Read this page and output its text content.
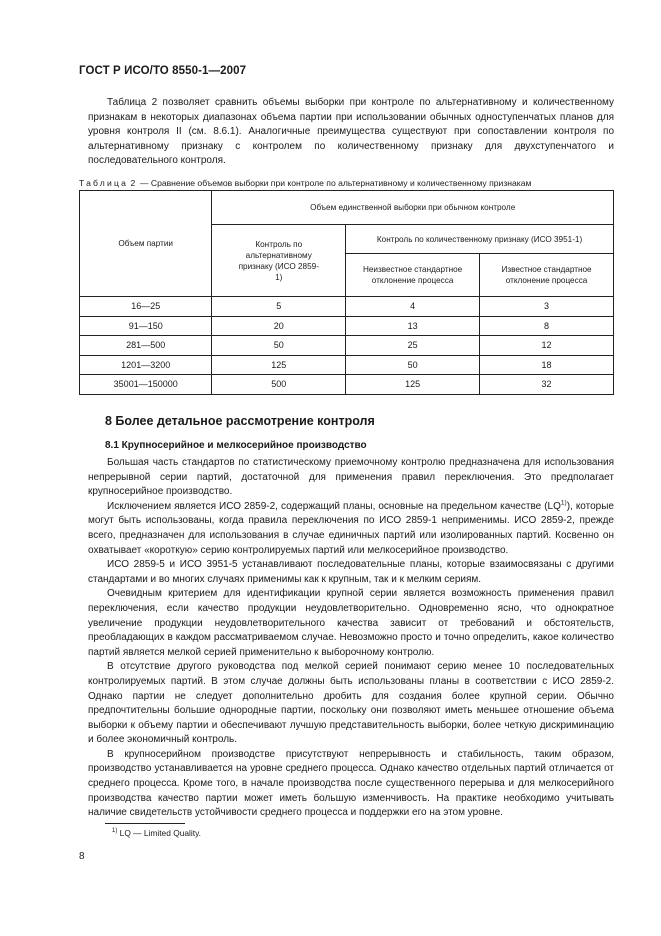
ГОСТ Р ИСО/ТО 8550-1—2007

Таблица 2 позволяет сравнить объемы выборки при контроле по альтернативному и количественному признакам в некоторых диапазонах объема партии при использовании обычных одноступенчатых планов для уровня контроля II (см. 8.6.1). Аналогичные преимущества существуют при сопоставлении контроля по альтернативному признаку с контролем по количественному признаку для двухступенчатого и последовательного контроля.

Таблица 2 — Сравнение объемов выборки при контроле по альтернативному и количественному признакам
Объем партии	Объем единственной выборки при обычном контроле		

	Контроль по альтернативному признаку (ИСО 2859-1)	Контроль по количественному признаку (ИСО 3951-1)	

		Неизвестное стандартное отклонение процесса	Известное стандартное отклонение процесса

16—25	5	4	3
91—150	20	13	8
281—500	50	25	12
1201—3200	125	50	18
35001—150000	500	125	32
8 Более детальное рассмотрение контроля
8.1 Крупносерийное и мелкосерийное производство

Большая часть стандартов по статистическому приемочному контролю предназначена для использования непрерывной серии партий, достаточной для применения правил переключения. Это предполагает крупносерийное производство.

Исключением является ИСО 2859-2, содержащий планы, основные на предельном качестве (LQ$^{1)}$), которые могут быть использованы, когда правила переключения по ИСО 2859-1 неприменимы. ИСО 2859-2, прежде всего, предназначен для использования в случае единичных партий или изолированных партий. Косвенно он охватывает «короткую» серию контролируемых партий или мелкосерийное производство.

ИСО 2859-5 и ИСО 3951-5 устанавливают последовательные планы, которые взаимосвязаны с другими стандартами и во многих случаях применимы как к крупным, так и к мелким сериям.

Очевидным критерием для идентификации крупной серии является возможность применения правил переключения, если качество продукции неудовлетворительно. Одновременно ясно, что однократное увеличение продукции неудовлетворительного качества зависит от требований и обстоятельств, преобладающих в каждом рассматриваемом случае. Невозможно просто и точно определить, какое количество партий является мелкой серией применительно к выборочному контролю.

В отсутствие другого руководства под мелкой серией понимают серию менее 10 последовательных контролируемых партий. В этом случае должны быть использованы планы в соответствии с ИСО 2859-2. Однако партии не следует дополнительно дробить для создания более крупной серии. Обычно предпочтительны большие однородные партии, поскольку они позволяют иметь меньшее отношение объема выборки к объему партии и обеспечивают лучшую представительность выборки, более четкую дискриминацию и более экономичный контроль.

В крупносерийном производстве присутствуют непрерывность и стабильность, таким образом, производство устанавливается на уровне среднего процесса. Однако качество отдельных партий отличается от среднего процесса. Кроме того, в начале производства после существенного перерыва и для мелкосерийного производства качество партии может иметь большую изменчивость. На практике необходимо учитывать наличие свидетельств устойчивости среднего процесса и поддержки его на этом уровне.

$^{1)}$ LQ — Limited Quality.
8
